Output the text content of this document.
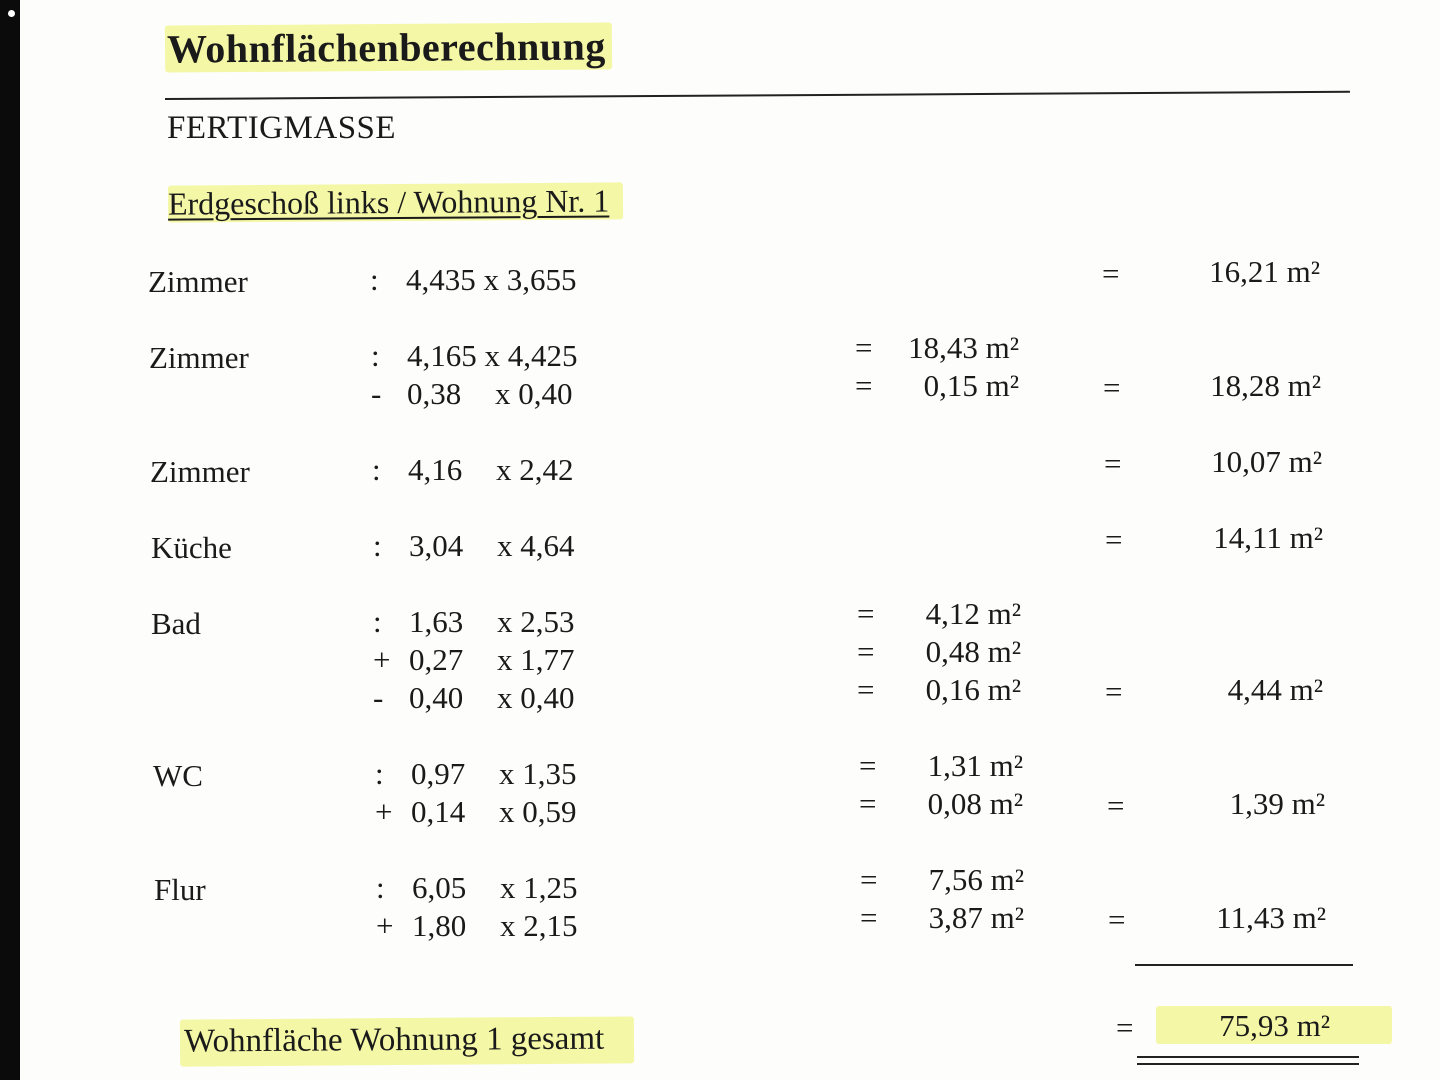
Wohnflächenberechnung
FERTIGMASSE
Erdgeschoß links / Wohnung Nr. 1
Zimmer	: 4,435 x 3,655	=	16,21 m²
Zimmer	: 4,165 x 4,425	=	18,43 m²
- 0,38 x 0,40	=	0,15 m²	=	18,28 m²
Zimmer	: 4,16 x 2,42	=	10,07 m²
Küche	: 3,04 x 4,64	=	14,11 m²
Bad	: 1,63 x 2,53	=	4,12 m²
+ 0,27 x 1,77	=	0,48 m²
- 0,40 x 0,40	=	0,16 m²	=	4,44 m²
WC	: 0,97 x 1,35	=	1,31 m²
+ 0,14 x 0,59	=	0,08 m²	=	1,39 m²
Flur	: 6,05 x 1,25	=	7,56 m²
+ 1,80 x 2,15	=	3,87 m²	=	11,43 m²
Wohnfläche Wohnung 1 gesamt	=	75,93 m²
